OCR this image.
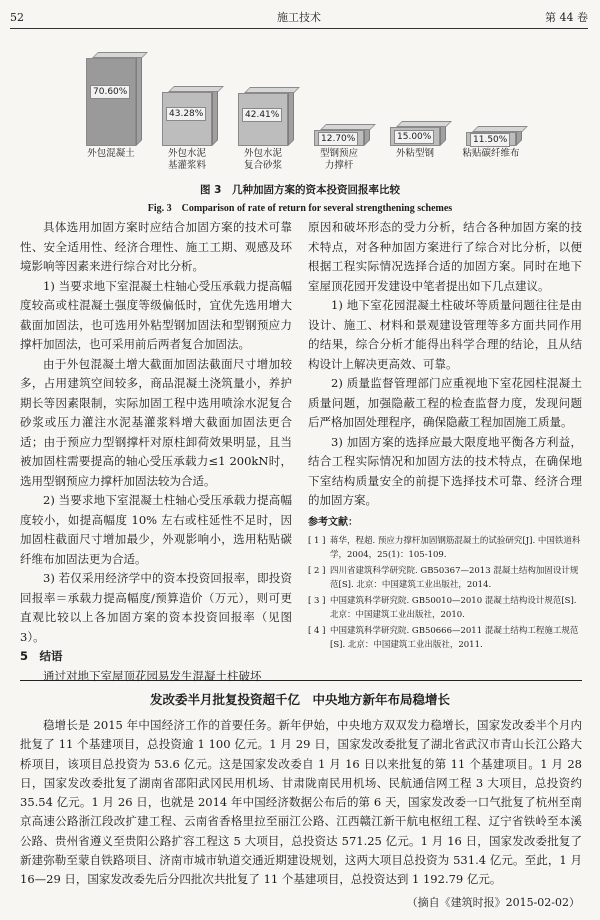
52	施工技术	第 44 卷
70.60%
外包混凝土
43.28%
外包水泥
基灌浆料
42.41%
外包水泥
复合砂浆
12.70%
型钢预应
力撑杆
15.00%
外粘型钢
11.50%
粘贴碳纤维布
图 3　几种加固方案的资本投资回报率比较
Fig. 3　Comparison of rate of return for several strengthening schemes

具体选用加固方案时应结合加固方案的技术可靠性、安全适用性、经济合理性、施工工期、观感及环境影响等因素来进行综合对比分析。

1) 当要求地下室混凝土柱轴心受压承载力提高幅度较高或柱混凝土强度等级偏低时，宜优先选用增大截面加固法，也可选用外粘型钢加固法和型钢预应力撑杆加固法，也可采用前后两者复合加固法。

由于外包混凝土增大截面加固法截面尺寸增加较多，占用建筑空间较多，商品混凝土浇筑量小，养护期长等因素限制，实际加固工程中选用喷涂水泥复合砂浆或压力灌注水泥基灌浆料增大截面加固法更合适；由于预应力型钢撑杆对原柱卸荷效果明显，且当被加固柱需要提高的轴心受压承载力≤1 200kN时，选用型钢预应力撑杆加固法较为合适。

2) 当要求地下室混凝土柱轴心受压承载力提高幅度较小，如提高幅度 10% 左右或柱延性不足时，因加固柱截面尺寸增加最少，外观影响小，选用粘贴碳纤维布加固法更为合适。

3) 若仅采用经济学中的资本投资回报率，即投资回报率＝承载力提高幅度/预算造价（万元），则可更直观比较以上各加固方案的资本投资回报率（见图 3）。

5　结语

通过对地下室屋顶花园易发生混凝土柱破坏

原因和破坏形态的受力分析，结合各种加固方案的技术特点，对各种加固方案进行了综合对比分析，以便根据工程实际情况选择合适的加固方案。同时在地下室屋顶花园开发建设中笔者提出如下几点建议。

1) 地下室花园混凝土柱破坏等质量问题往往是由设计、施工、材料和景观建设管理等多方面共同作用的结果，综合分析才能得出科学合理的结论，且从结构设计上解决更高效、可靠。

2) 质量监督管理部门应重视地下室花园柱混凝土质量问题，加强隐蔽工程的检查监督力度，发现问题后严格加固处理程序，确保隐蔽工程加固施工质量。

3) 加固方案的选择应最大限度地平衡各方利益，结合工程实际情况和加固方法的技术特点，在确保地下室结构质量安全的前提下选择技术可靠、经济合理的加固方案。

参考文献：
[ 1 ] 蒋华，程超. 预应力撑杆加固钢筋混凝土的试验研究[J]. 中国铁道科学，2004，25(1)：105-109.
[ 2 ] 四川省建筑科学研究院. GB50367—2013 混凝土结构加固设计规范[S]. 北京：中国建筑工业出版社，2014.
[ 3 ] 中国建筑科学研究院. GB50010—2010 混凝土结构设计规范[S]. 北京：中国建筑工业出版社，2010.
[ 4 ] 中国建筑科学研究院. GB50666—2011 混凝土结构工程施工规范[S]. 北京：中国建筑工业出版社，2011.
发改委半月批复投资超千亿　中央地方新年布局稳增长

稳增长是 2015 年中国经济工作的首要任务。新年伊始，中央地方双双发力稳增长，国家发改委半个月内批复了 11 个基建项目，总投资逾 1 100 亿元。1 月 29 日，国家发改委批复了湖北省武汉市青山长江公路大桥项目，该项目总投资为 53.6 亿元。这是国家发改委自 1 月 16 日以来批复的第 11 个基建项目。1 月 28 日，国家发改委批复了湖南省邵阳武冈民用机场、甘肃陇南民用机场、民航通信网工程 3 大项目，总投资约 35.54 亿元。1 月 26 日，也就是 2014 年中国经济数据公布后的第 6 天，国家发改委一口气批复了杭州至南京高速公路浙江段改扩建工程、云南省香格里拉至丽江公路、江西赣江新干航电枢纽工程、辽宁省铁岭至本溪公路、贵州省遵义至贵阳公路扩容工程这 5 大项目，总投资达 571.25 亿元。1 月 16 日，国家发改委批复了新建弥勒至蒙自铁路项目、济南市城市轨道交通近期建设规划，这两大项目总投资为 531.4 亿元。至此，1 月 16—29 日，国家发改委先后分四批次共批复了 11 个基建项目，总投资达到 1 192.79 亿元。

（摘自《建筑时报》2015-02-02）
